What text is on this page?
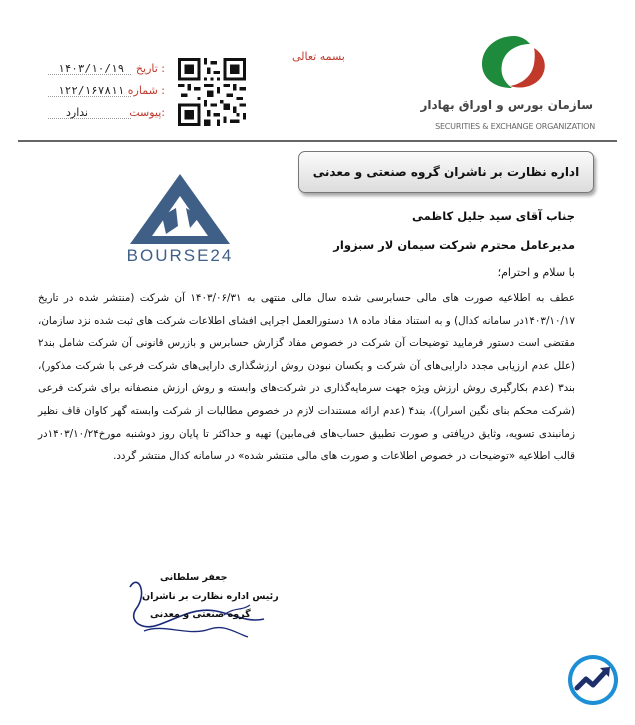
بسمه تعالی
تاریخ :
۱۴۰۳/۱۰/۱۹
شماره :
۱۲۲/۱۶۷۸۱۱
پیوست:
ندارد
سازمان بورس و اوراق بهادار
SECURITIES & EXCHANGE ORGANIZATION
اداره نظارت بر ناشران گروه صنعتی و معدنی
BOURSE24
جناب آقای سید جلیل کاظمی
مدیرعامل محترم شرکت سیمان لار سبزوار
با سلام و احترام؛
عطف به اطلاعیه صورت های مالی حسابرسی شده سال مالی منتهی به ۱۴۰۳/۰۶/۳۱ آن شرکت (منتشر شده در تاریخ ۱۴۰۳/۱۰/۱۷در سامانه کدال) و به استناد مفاد ماده ۱۸ دستورالعمل اجرایی افشای اطلاعات شرکت های ثبت شده نزد سازمان، مقتضی است دستور فرمایید توضیحات آن شرکت در خصوص مفاد گزارش حسابرس و بازرس قانونی آن شرکت شامل بند۲ (علل عدم ارزیابی مجدد دارایی‌های آن شرکت و یکسان نبودن روش ارزشگذاری دارایی‌های شرکت فرعی با شرکت مذکور)، بند۳ (عدم بکارگیری روش ارزش ویژه جهت سرمایه‌گذاری در شرکت‌های وابسته و روش ارزش منصفانه برای شرکت فرعی (شرکت محکم بنای نگین اسرار))، بند۴ (عدم ارائه مستندات لازم در خصوص مطالبات از شرکت وابسته گهر کاوان قاف نظیر زمانبندی تسویه، وثایق دریافتی و صورت تطبیق حساب‌های فی‌مابین) تهیه و حداکثر تا پایان روز دوشنبه مورخ۱۴۰۳/۱۰/۲۴در قالب اطلاعیه «توضیحات در خصوص اطلاعات و صورت های مالی منتشر شده» در سامانه کدال منتشر گردد.
جعفر سلطانی
رئیس اداره نظارت بر ناشران
گروه صنعتی و معدنی
